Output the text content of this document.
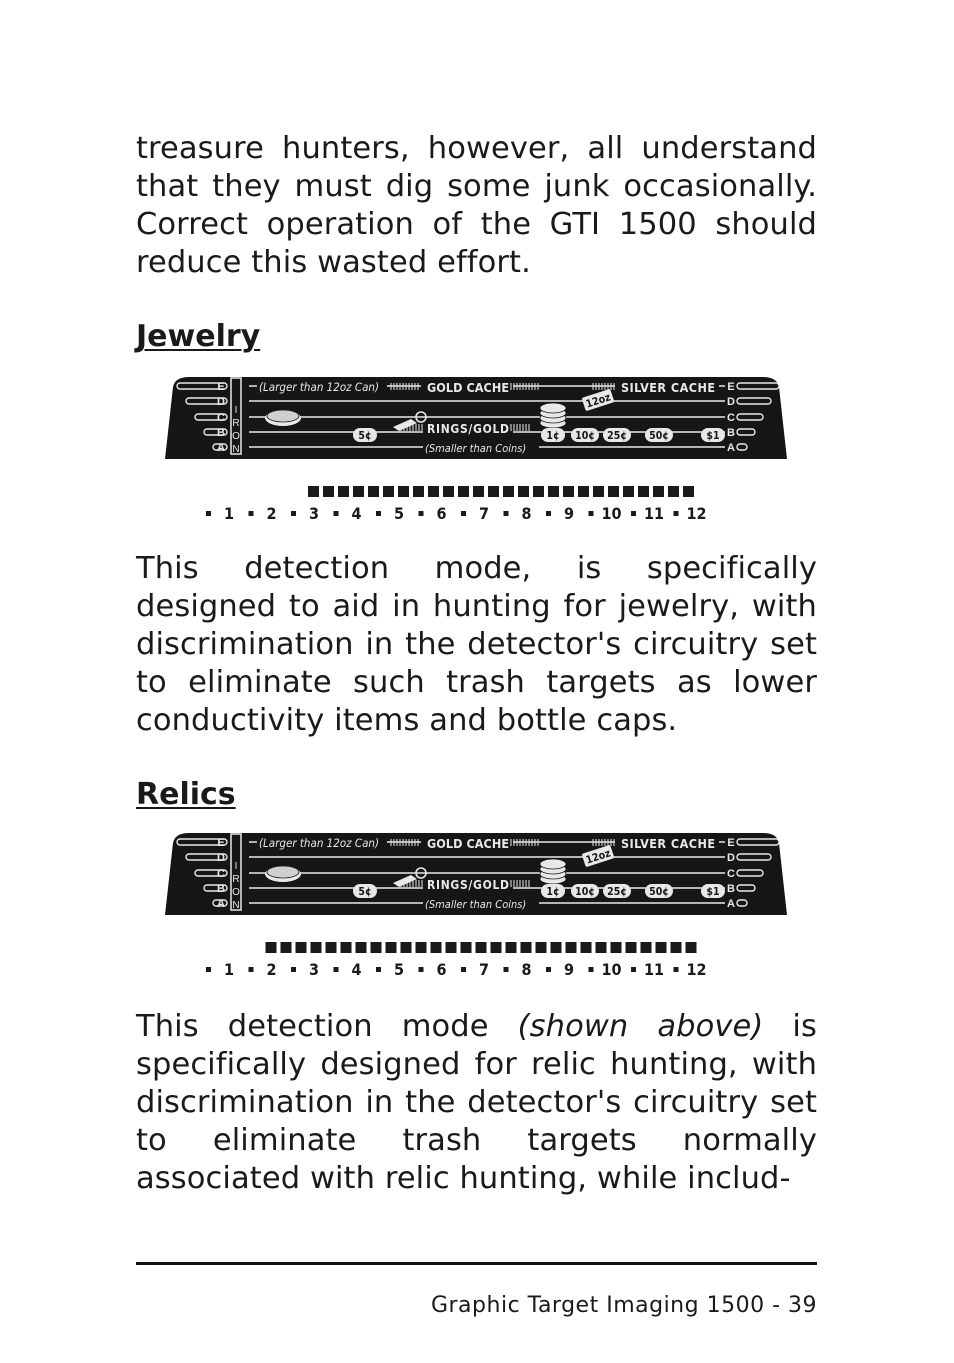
treasure hunters, however, all understand that they must dig some junk occasionally. Correct operation of the GTI 1500 should reduce this wasted effort.

Jewelry
E	E
D	D
C	C
B	B
A	A
I
R
O
N
(Larger than 12oz Can)	GOLD CACHE	SILVER CACHE
RINGS/GOLD
(Smaller than Coins)
12oz
5¢	1¢ 10¢ 25¢ 50¢	$1
1 2 3 4 5 6 7 8 9 10 11 12

This detection mode, is specifically designed to aid in hunting for jewelry, with discrimination in the detector's circuitry set to eliminate such trash targets as lower conductivity items and bottle caps.

Relics
E	E
D	D
C	C
B	B
A	A
I
R
O
N
(Larger than 12oz Can)	GOLD CACHE	SILVER CACHE
RINGS/GOLD
(Smaller than Coins)
12oz
5¢	1¢ 10¢ 25¢ 50¢	$1
1 2 3 4 5 6 7 8 9 10 11 12

This detection mode (shown above) is specifically designed for relic hunting, with discrimination in the detector's circuitry set to eliminate trash targets normally associated with relic hunting, while includ-

Graphic Target Imaging 1500 - 39
